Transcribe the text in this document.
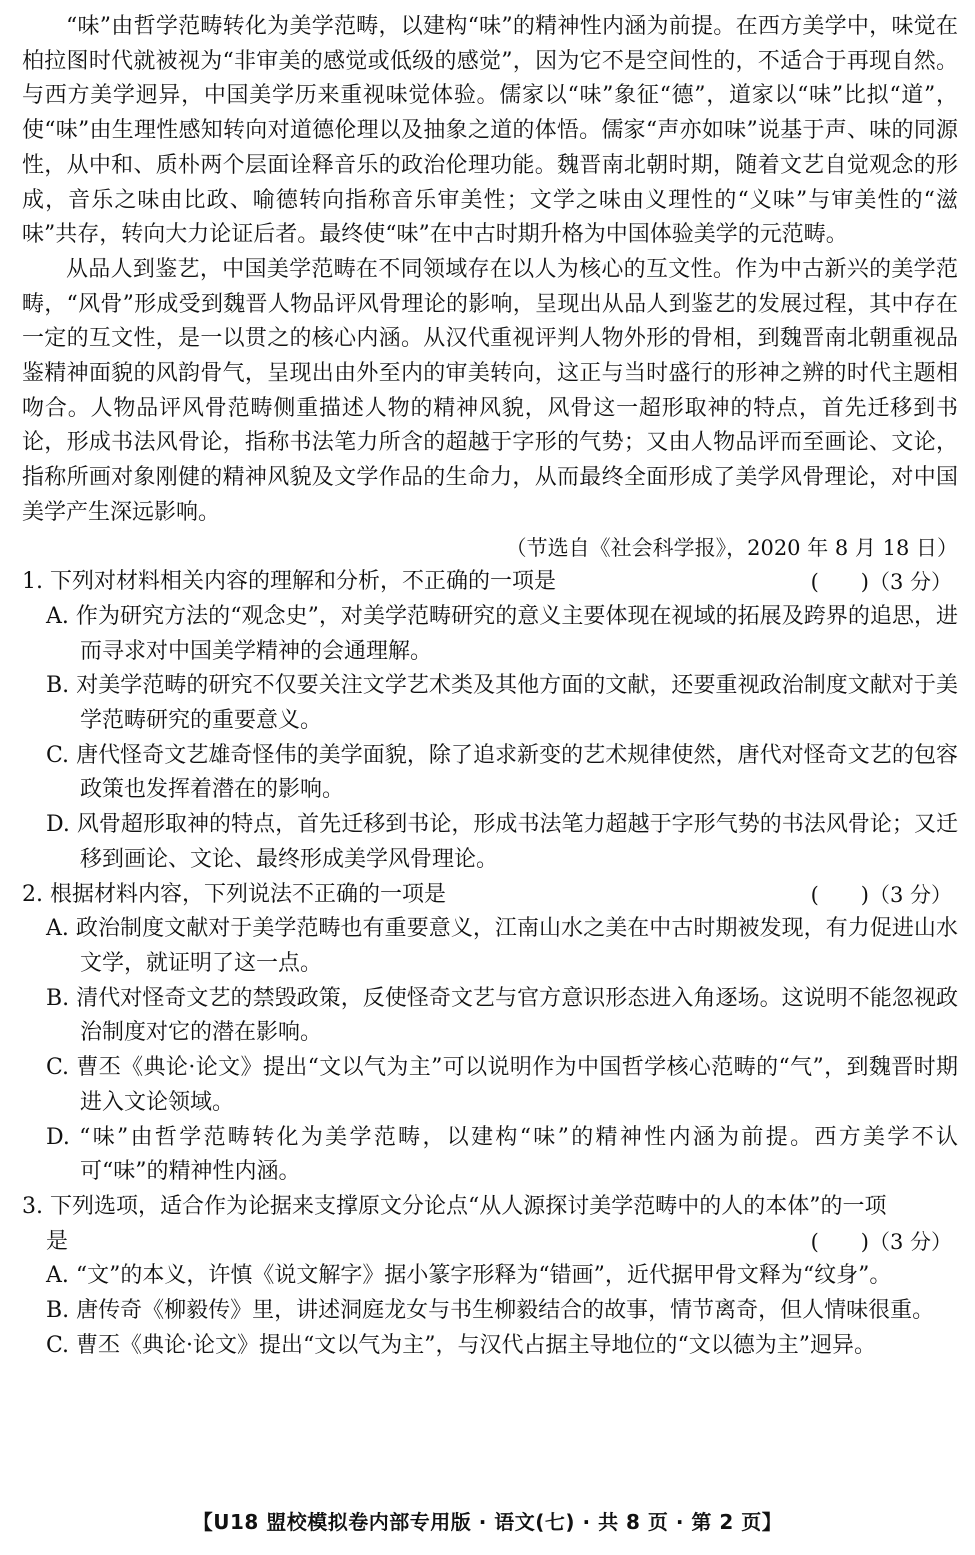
“味”由哲学范畴转化为美学范畴，以建构“味”的精神性内涵为前提。在西方美学中，味觉在柏拉图时代就被视为“非审美的感觉或低级的感觉”，因为它不是空间性的，不适合于再现自然。与西方美学迥异，中国美学历来重视味觉体验。儒家以“味”象征“德”，道家以“味”比拟“道”，使“味”由生理性感知转向对道德伦理以及抽象之道的体悟。儒家“声亦如味”说基于声、味的同源性，从中和、质朴两个层面诠释音乐的政治伦理功能。魏晋南北朝时期，随着文艺自觉观念的形成，音乐之味由比政、喻德转向指称音乐审美性；文学之味由义理性的“义味”与审美性的“滋味”共存，转向大力论证后者。最终使“味”在中古时期升格为中国体验美学的元范畴。

从品人到鉴艺，中国美学范畴在不同领域存在以人为核心的互文性。作为中古新兴的美学范畴，“风骨”形成受到魏晋人物品评风骨理论的影响，呈现出从品人到鉴艺的发展过程，其中存在一定的互文性，是一以贯之的核心内涵。从汉代重视评判人物外形的骨相，到魏晋南北朝重视品鉴精神面貌的风韵骨气，呈现出由外至内的审美转向，这正与当时盛行的形神之辨的时代主题相吻合。人物品评风骨范畴侧重描述人物的精神风貌，风骨这一超形取神的特点，首先迁移到书论，形成书法风骨论，指称书法笔力所含的超越于字形的气势；又由人物品评而至画论、文论，指称所画对象刚健的精神风貌及文学作品的生命力，从而最终全面形成了美学风骨理论，对中国美学产生深远影响。

（节选自《社会科学报》，2020 年 8 月 18 日）

1. 下列对材料相关内容的理解和分析，不正确的一项是	(　　)（3 分）

A. 作为研究方法的“观念史”，对美学范畴研究的意义主要体现在视域的拓展及跨界的追思，进而寻求对中国美学精神的会通理解。

B. 对美学范畴的研究不仅要关注文学艺术类及其他方面的文献，还要重视政治制度文献对于美学范畴研究的重要意义。

C. 唐代怪奇文艺雄奇怪伟的美学面貌，除了追求新变的艺术规律使然，唐代对怪奇文艺的包容政策也发挥着潜在的影响。

D. 风骨超形取神的特点，首先迁移到书论，形成书法笔力超越于字形气势的书法风骨论；又迁移到画论、文论、最终形成美学风骨理论。

2. 根据材料内容，下列说法不正确的一项是	(　　)（3 分）

A. 政治制度文献对于美学范畴也有重要意义，江南山水之美在中古时期被发现，有力促进山水文学，就证明了这一点。

B. 清代对怪奇文艺的禁毁政策，反使怪奇文艺与官方意识形态进入角逐场。这说明不能忽视政治制度对它的潜在影响。

C. 曹丕《典论·论文》提出“文以气为主”可以说明作为中国哲学核心范畴的“气”，到魏晋时期进入文论领域。

D. “味”由哲学范畴转化为美学范畴，以建构“味”的精神性内涵为前提。西方美学不认可“味”的精神性内涵。

3. 下列选项，适合作为论据来支撑原文分论点“从人源探讨美学范畴中的人的本体”的一项
是	(　　)（3 分）

A. “文”的本义，许慎《说文解字》据小篆字形释为“错画”，近代据甲骨文释为“纹身”。

B. 唐传奇《柳毅传》里，讲述洞庭龙女与书生柳毅结合的故事，情节离奇，但人情味很重。

C. 曹丕《典论·论文》提出“文以气为主”，与汉代占据主导地位的“文以德为主”迥异。

【U18 盟校模拟卷内部专用版 · 语文(七) · 共 8 页 · 第 2 页】
